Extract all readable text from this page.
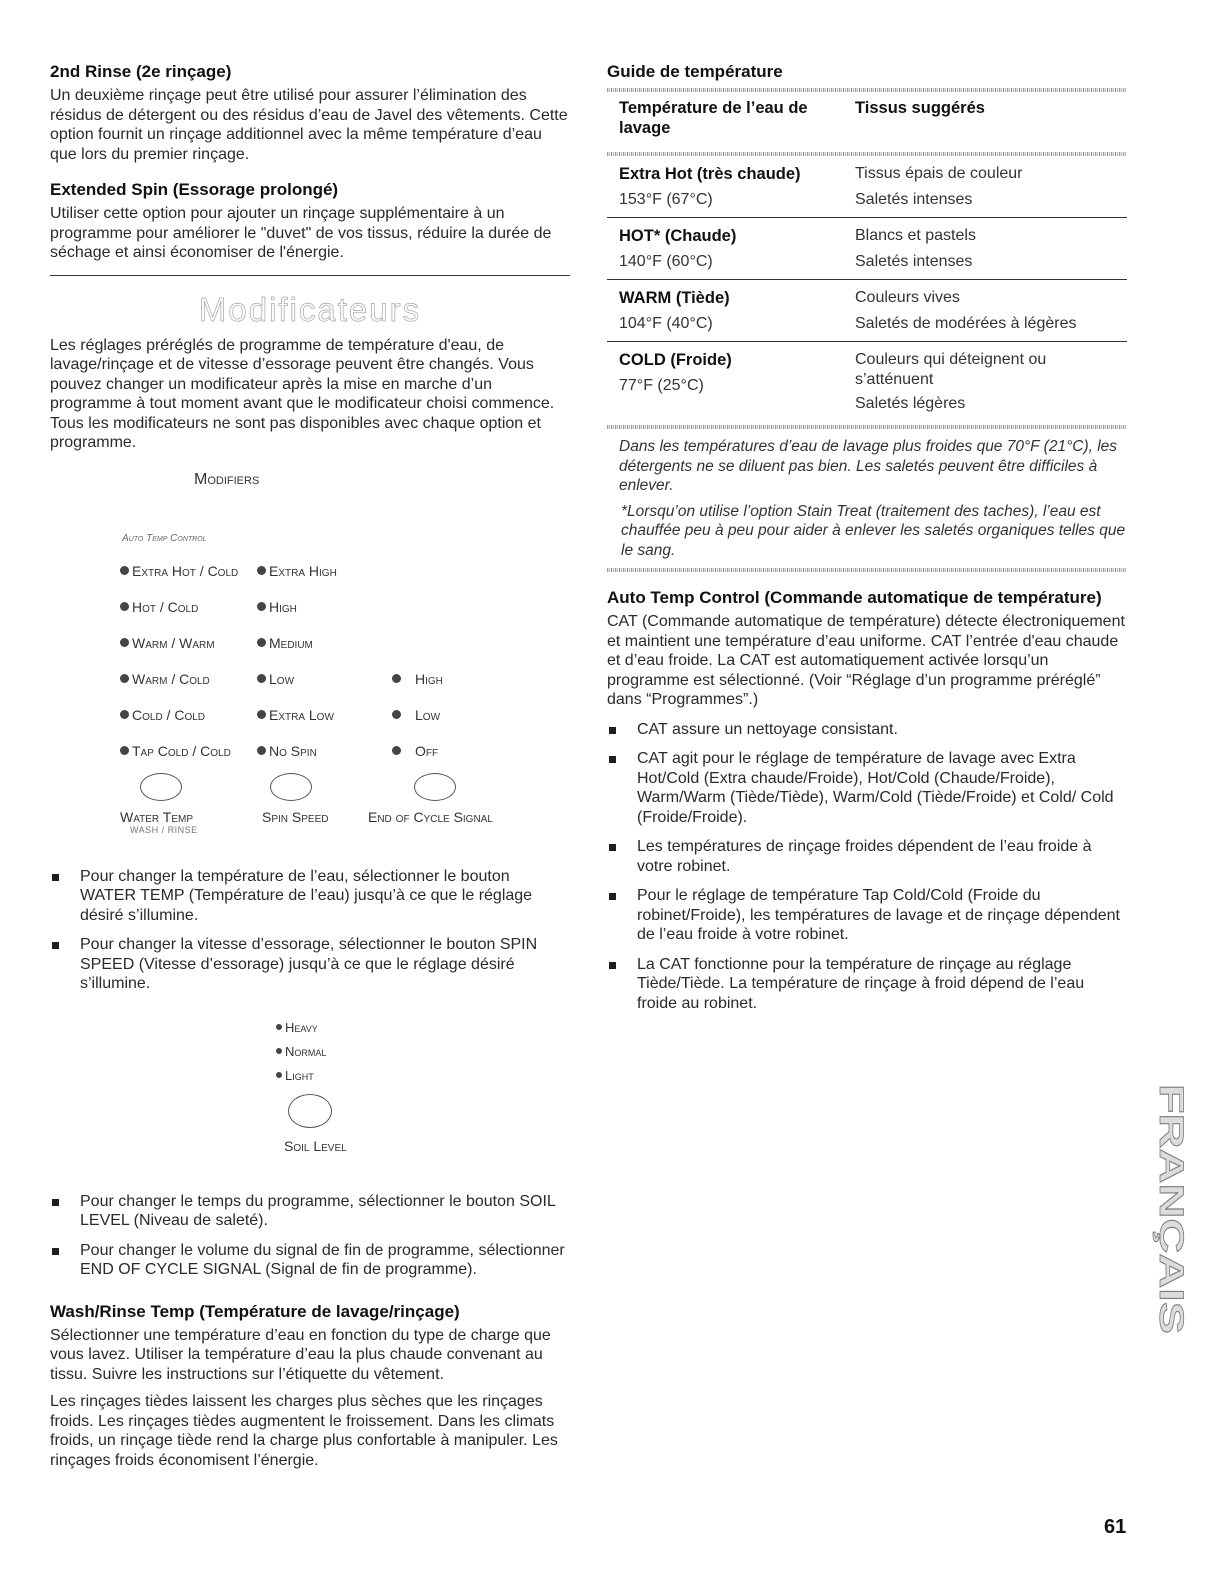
2nd Rinse (2e rinçage)
Un deuxième rinçage peut être utilisé pour assurer l’élimination des résidus de détergent ou des résidus d’eau de Javel des vêtements. Cette option fournit un rinçage additionnel avec la même température d’eau que lors du premier rinçage.
Extended Spin (Essorage prolongé)
Utiliser cette option pour ajouter un rinçage supplémentaire à un programme pour améliorer le "duvet" de vos tissus, réduire la durée de séchage et ainsi économiser de l'énergie.
Modificateurs
Les réglages préréglés de programme de température d'eau, de lavage/rinçage et de vitesse d’essorage peuvent être changés. Vous pouvez changer un modificateur après la mise en marche d’un programme à tout moment avant que le modificateur choisi commence. Tous les modificateurs ne sont pas disponibles avec chaque option et programme.
Modifiers
Auto Temp Control
Extra Hot / Cold
Hot / Cold
Warm / Warm
Warm / Cold
Cold / Cold
Tap Cold / Cold
Extra High
High
Medium
Low
Extra Low
No Spin
High
Low
Off
Water Temp
WASH / RINSE
Spin Speed	End of Cycle Signal
Pour changer la température de l’eau, sélectionner le bouton WATER TEMP (Température de l’eau) jusqu’à ce que le réglage désiré s’illumine.
Pour changer la vitesse d’essorage, sélectionner le bouton SPIN SPEED (Vitesse d’essorage) jusqu’à ce que le réglage désiré s’illumine.
Heavy
Normal
Light
Soil Level
Pour changer le temps du programme, sélectionner le bouton SOIL LEVEL (Niveau de saleté).
Pour changer le volume du signal de fin de programme, sélectionner END OF CYCLE SIGNAL (Signal de fin de programme).
Wash/Rinse Temp (Température de lavage/rinçage)
Sélectionner une température d’eau en fonction du type de charge que vous lavez. Utiliser la température d’eau la plus chaude convenant au tissu. Suivre les instructions sur l’étiquette du vêtement.
Les rinçages tièdes laissent les charges plus sèches que les rinçages froids. Les rinçages tièdes augmentent le froissement. Dans les climats froids, un rinçage tiède rend la charge plus confortable à manipuler. Les rinçages froids économisent l’énergie.
Guide de température
Température de l’eau de lavage
Tissus suggérés
Extra Hot (très chaude)
153°F (67°C)
Tissus épais de couleur
Saletés intenses
HOT* (Chaude)
140°F (60°C)
Blancs et pastels
Saletés intenses
WARM (Tiède)
104°F (40°C)
Couleurs vives
Saletés de modérées à légères
COLD (Froide)
77°F (25°C)
Couleurs qui déteignent ou s’atténuent
Saletés légères
Dans les températures d’eau de lavage plus froides que 70°F (21°C), les détergents ne se diluent pas bien. Les saletés peuvent être difficiles à enlever.
*Lorsqu’on utilise l’option Stain Treat (traitement des taches), l’eau est chauffée peu à peu pour aider à enlever les saletés organiques telles que le sang.
Auto Temp Control (Commande automatique de température)
CAT (Commande automatique de température) détecte électroniquement et maintient une température d’eau uniforme. CAT l’entrée d'eau chaude et d’eau froide. La CAT est automatiquement activée lorsqu’un programme est sélectionné. (Voir “Réglage d’un programme préréglé” dans “Programmes”.)
CAT assure un nettoyage consistant.
CAT agit pour le réglage de température de lavage avec Extra Hot/Cold (Extra chaude/Froide), Hot/Cold (Chaude/Froide), Warm/Warm (Tiède/Tiède), Warm/Cold (Tiède/Froide) et Cold/ Cold (Froide/Froide).
Les températures de rinçage froides dépendent de l’eau froide à votre robinet.
Pour le réglage de température Tap Cold/Cold (Froide du robinet/Froide), les températures de lavage et de rinçage dépendent de l’eau froide à votre robinet.
La CAT fonctionne pour la température de rinçage au réglage Tiède/Tiède. La température de rinçage à froid dépend de l’eau froide au robinet.
FRANÇAIS
61
